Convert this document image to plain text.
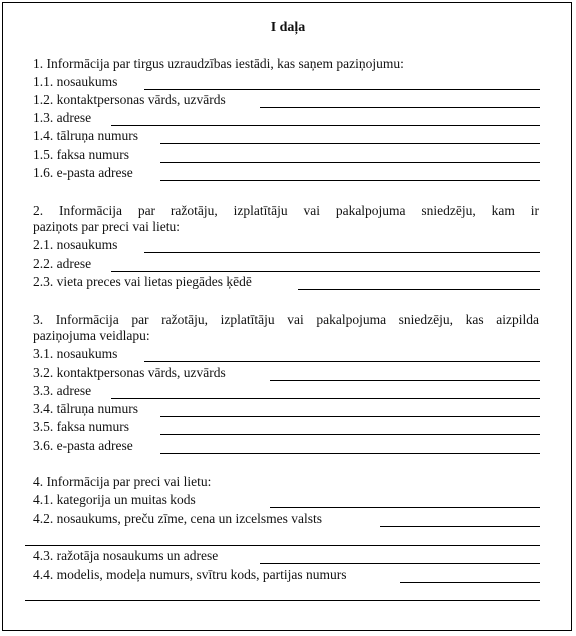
I daļa
1. Informācija par tirgus uzraudzības iestādi, kas saņem paziņojumu:
1.1. nosaukums
1.2. kontaktpersonas vārds, uzvārds
1.3. adrese
1.4. tālruņa numurs
1.5. faksa numurs
1.6. e-pasta adrese
2. Informācija par ražotāju, izplatītāju vai pakalpojuma sniedzēju, kam ir
paziņots par preci vai lietu:
2.1. nosaukums
2.2. adrese
2.3. vieta preces vai lietas piegādes ķēdē
3. Informācija par ražotāju, izplatītāju vai pakalpojuma sniedzēju, kas aizpilda
paziņojuma veidlapu:
3.1. nosaukums
3.2. kontaktpersonas vārds, uzvārds
3.3. adrese
3.4. tālruņa numurs
3.5. faksa numurs
3.6. e-pasta adrese
4. Informācija par preci vai lietu:
4.1. kategorija un muitas kods
4.2. nosaukums, preču zīme, cena un izcelsmes valsts
4.3. ražotāja nosaukums un adrese
4.4. modelis, modeļa numurs, svītru kods, partijas numurs
